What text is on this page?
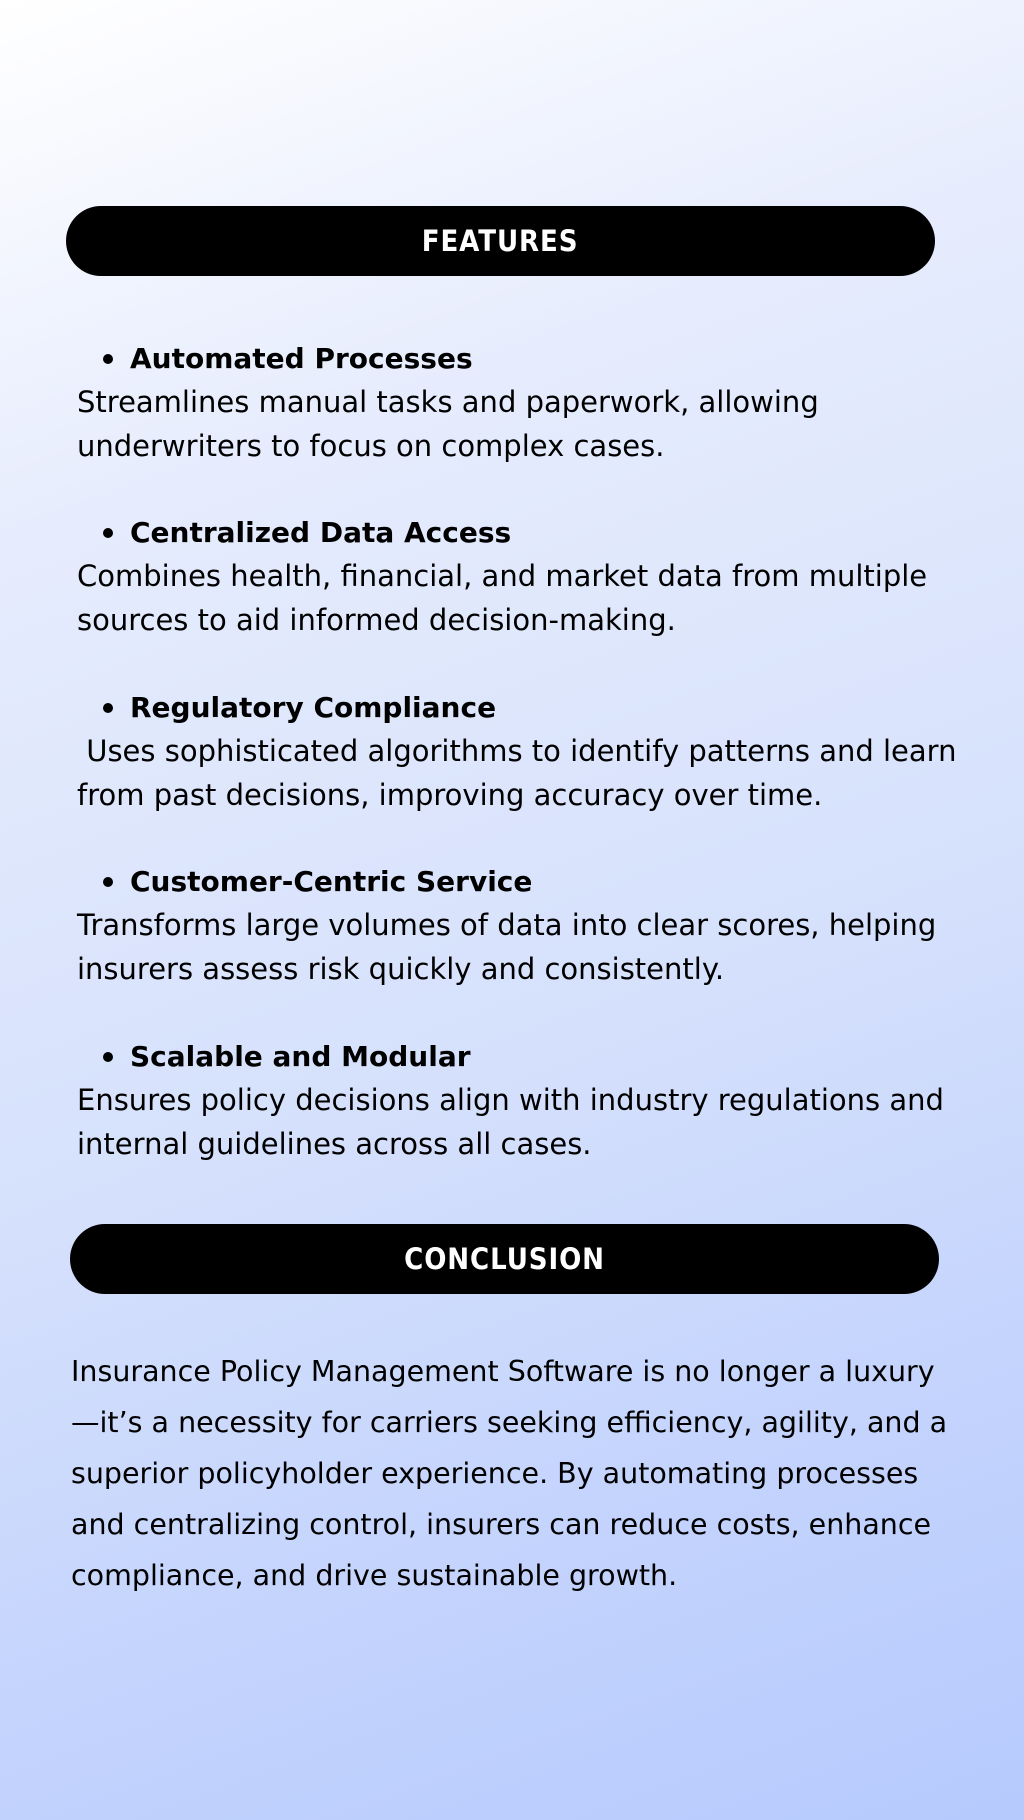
FEATURES
Automated Processes
Streamlines manual tasks and paperwork, allowing underwriters to focus on complex cases.
Centralized Data Access
Combines health, financial, and market data from multiple sources to aid informed decision-making.
Regulatory Compliance
Uses sophisticated algorithms to identify patterns and learn from past decisions, improving accuracy over time.
Customer-Centric Service
Transforms large volumes of data into clear scores, helping insurers assess risk quickly and consistently.
Scalable and Modular
Ensures policy decisions align with industry regulations and internal guidelines across all cases.
CONCLUSION
Insurance Policy Management Software is no longer a luxury—it’s a necessity for carriers seeking efficiency, agility, and a superior policyholder experience. By automating processes and centralizing control, insurers can reduce costs, enhance compliance, and drive sustainable growth.
